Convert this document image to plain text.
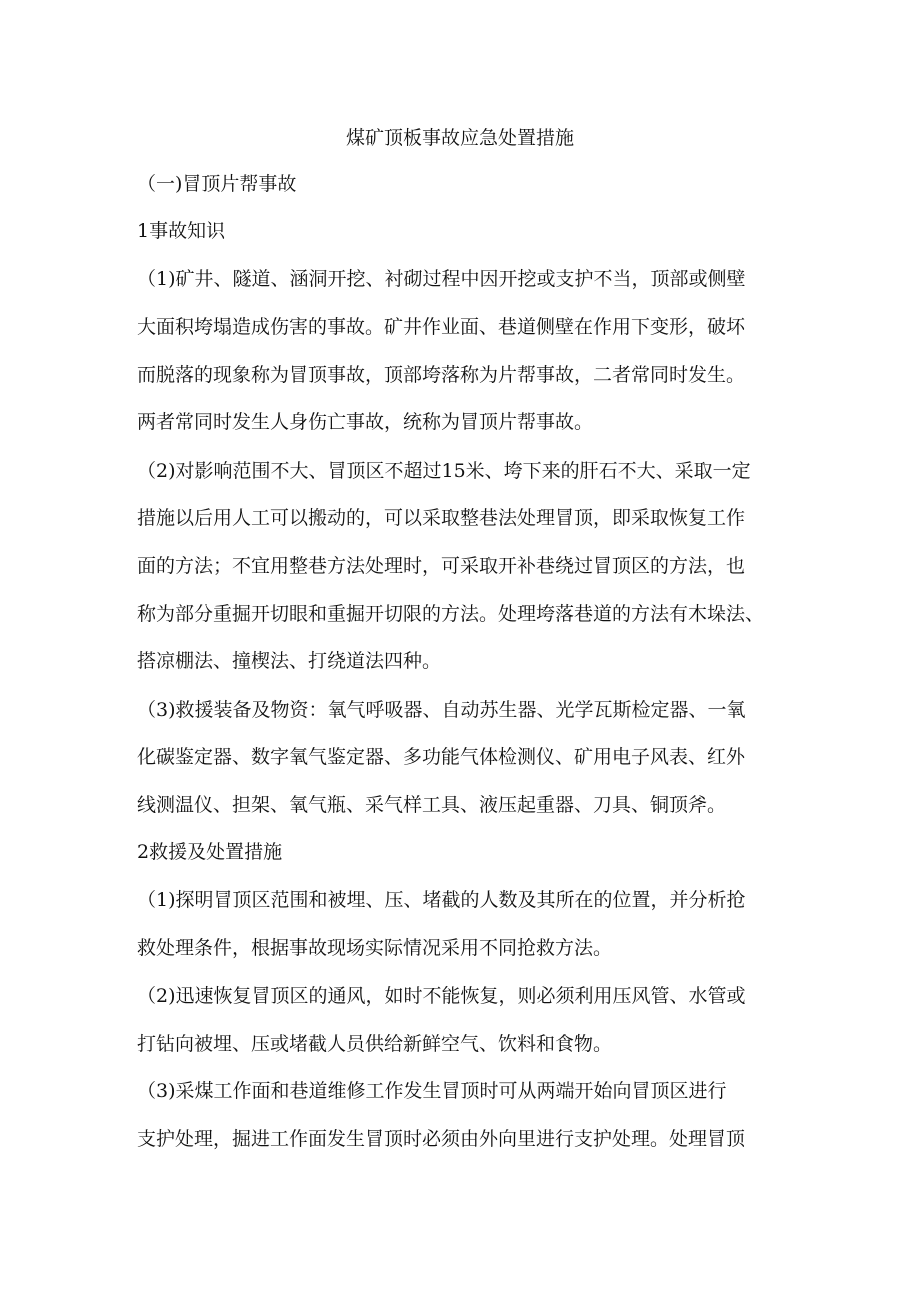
煤矿顶板事故应急处置措施
（一)冒顶片帮事故
1事故知识
（1)矿井、隧道、涵洞开挖、衬砌过程中因开挖或支护不当，顶部或侧壁
大面积垮塌造成伤害的事故。矿井作业面、巷道侧壁在作用下变形，破坏
而脱落的现象称为冒顶事故，顶部垮落称为片帮事故，二者常同时发生。
两者常同时发生人身伤亡事故，统称为冒顶片帮事故。
（2)对影响范围不大、冒顶区不超过15米、垮下来的肝石不大、采取一定
措施以后用人工可以搬动的，可以采取整巷法处理冒顶，即采取恢复工作
面的方法；不宜用整巷方法处理时，可采取开补巷绕过冒顶区的方法，也
称为部分重掘开切眼和重掘开切限的方法。处理垮落巷道的方法有木垛法、
搭凉棚法、撞楔法、打绕道法四种。
（3)救援装备及物资：氧气呼吸器、自动苏生器、光学瓦斯检定器、一氧
化碳鉴定器、数字氧气鉴定器、多功能气体检测仪、矿用电子风表、红外
线测温仪、担架、氧气瓶、采气样工具、液压起重器、刀具、铜顶斧。
2救援及处置措施
（1)探明冒顶区范围和被埋、压、堵截的人数及其所在的位置，并分析抢
救处理条件，根据事故现场实际情况采用不同抢救方法。
（2)迅速恢复冒顶区的通风，如时不能恢复，则必须利用压风管、水管或
打钻向被埋、压或堵截人员供给新鲜空气、饮料和食物。
（3)采煤工作面和巷道维修工作发生冒顶时可从两端开始向冒顶区进行
支护处理，掘进工作面发生冒顶时必须由外向里进行支护处理。处理冒顶
